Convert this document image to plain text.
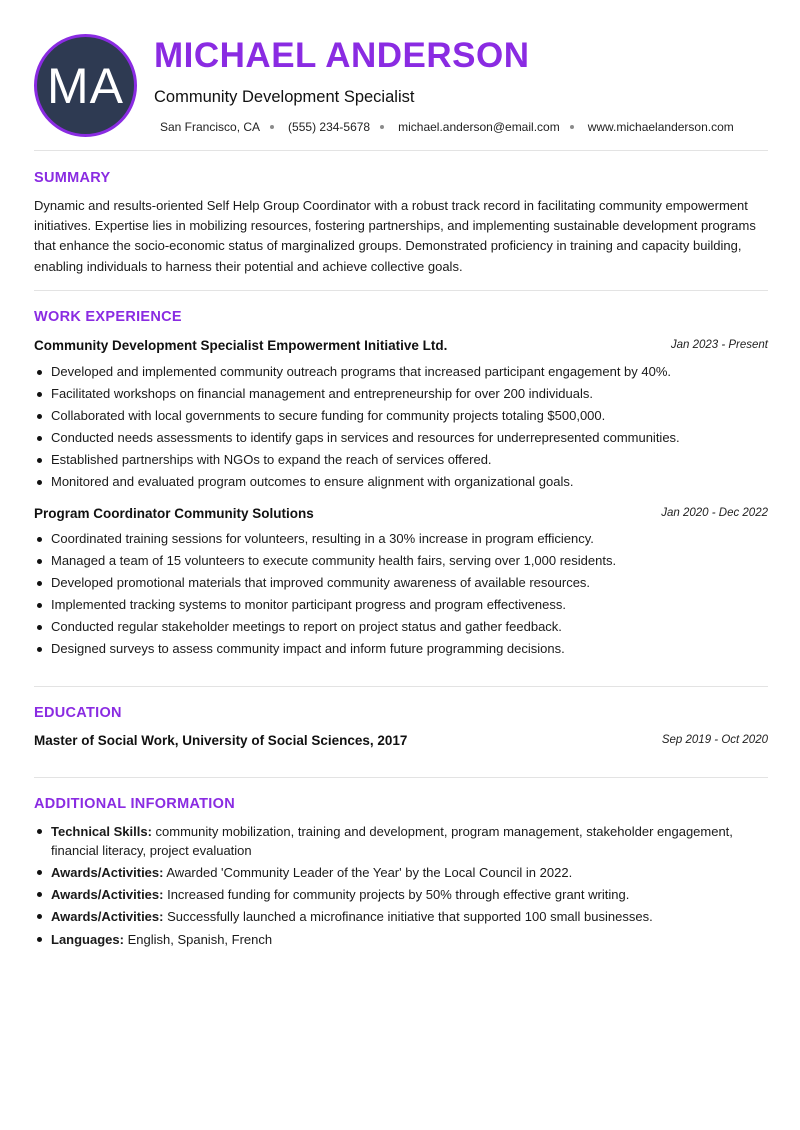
MA
MICHAEL ANDERSON
Community Development Specialist
San Francisco, CA (555) 234-5678 michael.anderson@email.com www.michaelanderson.com
SUMMARY
Dynamic and results-oriented Self Help Group Coordinator with a robust track record in facilitating community empowerment initiatives. Expertise lies in mobilizing resources, fostering partnerships, and implementing sustainable development programs that enhance the socio-economic status of marginalized groups. Demonstrated proficiency in training and capacity building, enabling individuals to harness their potential and achieve collective goals.
WORK EXPERIENCE
Community Development Specialist Empowerment Initiative Ltd.	Jan 2023 - Present
Developed and implemented community outreach programs that increased participant engagement by 40%.
Facilitated workshops on financial management and entrepreneurship for over 200 individuals.
Collaborated with local governments to secure funding for community projects totaling $500,000.
Conducted needs assessments to identify gaps in services and resources for underrepresented communities.
Established partnerships with NGOs to expand the reach of services offered.
Monitored and evaluated program outcomes to ensure alignment with organizational goals.
Program Coordinator Community Solutions	Jan 2020 - Dec 2022
Coordinated training sessions for volunteers, resulting in a 30% increase in program efficiency.
Managed a team of 15 volunteers to execute community health fairs, serving over 1,000 residents.
Developed promotional materials that improved community awareness of available resources.
Implemented tracking systems to monitor participant progress and program effectiveness.
Conducted regular stakeholder meetings to report on project status and gather feedback.
Designed surveys to assess community impact and inform future programming decisions.
EDUCATION
Master of Social Work, University of Social Sciences, 2017	Sep 2019 - Oct 2020
ADDITIONAL INFORMATION
Technical Skills: community mobilization, training and development, program management, stakeholder engagement, financial literacy, project evaluation
Awards/Activities: Awarded 'Community Leader of the Year' by the Local Council in 2022.
Awards/Activities: Increased funding for community projects by 50% through effective grant writing.
Awards/Activities: Successfully launched a microfinance initiative that supported 100 small businesses.
Languages: English, Spanish, French
